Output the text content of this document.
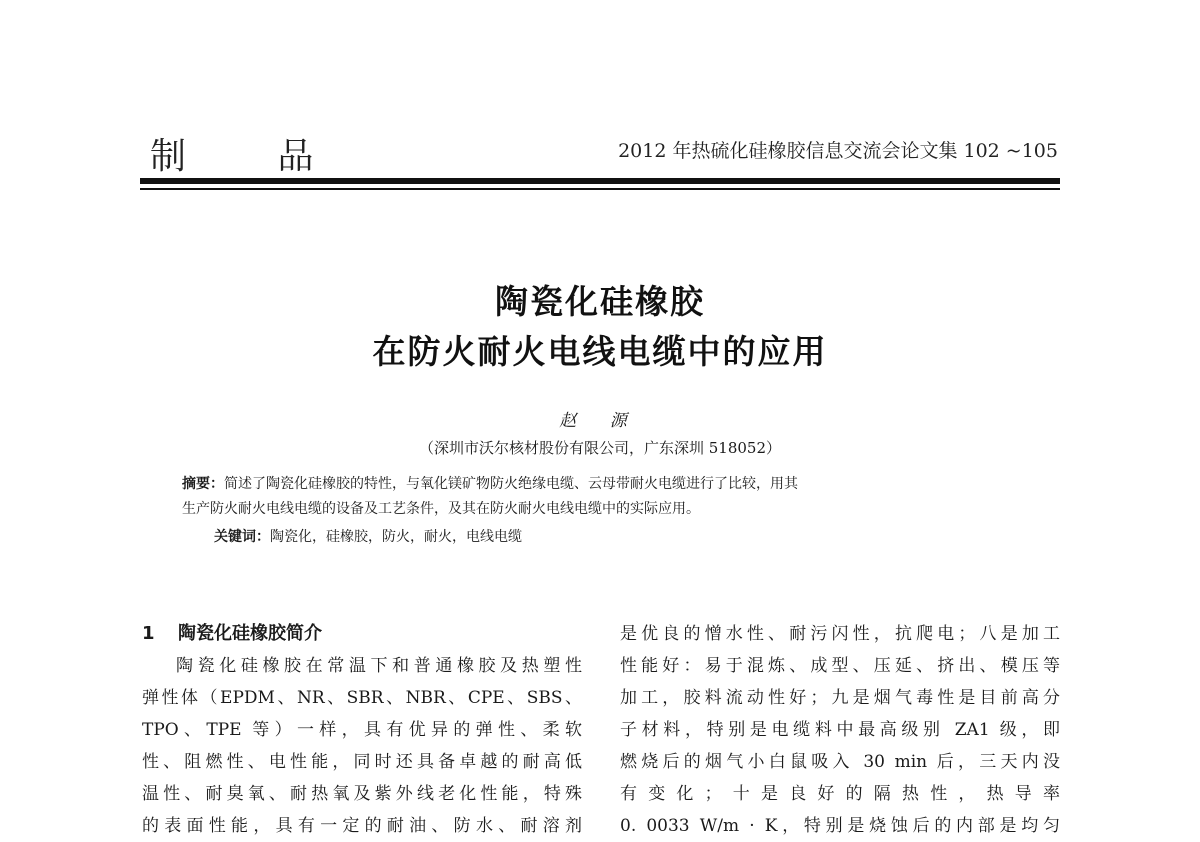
制 品	2012 年热硫化硅橡胶信息交流会论文集 102 ~105
陶瓷化硅橡胶
在防火耐火电线电缆中的应用
赵 源
（深圳市沃尔核材股份有限公司，广东深圳 518052）
摘要：简述了陶瓷化硅橡胶的特性，与氧化镁矿物防火绝缘电缆、云母带耐火电缆进行了比较，用其
生产防火耐火电线电缆的设备及工艺条件，及其在防火耐火电线电缆中的实际应用。
关键词：陶瓷化，硅橡胶，防火，耐火，电线电缆
1 陶瓷化硅橡胶简介
陶瓷化硅橡胶在常温下和普通橡胶及热塑性
弹性体（EPDM、NR、SBR、NBR、CPE、SBS、
TPO、TPE 等）一样，具有优异的弹性、柔软
性、阻燃性、电性能，同时还具备卓越的耐高低
温性、耐臭氧、耐热氧及紫外线老化性能，特殊
的表面性能，具有一定的耐油、防水、耐溶剂
是优良的憎水性、耐污闪性，抗爬电；八是加工
性能好：易于混炼、成型、压延、挤出、模压等
加工，胶料流动性好；九是烟气毒性是目前高分
子材料，特别是电缆料中最高级别 ZA1 级，即
燃烧后的烟气小白鼠吸入 30 min 后，三天内没
有变化；十是良好的隔热性，热导率
0. 0033 W/m · K，特别是烧蚀后的内部是均匀
